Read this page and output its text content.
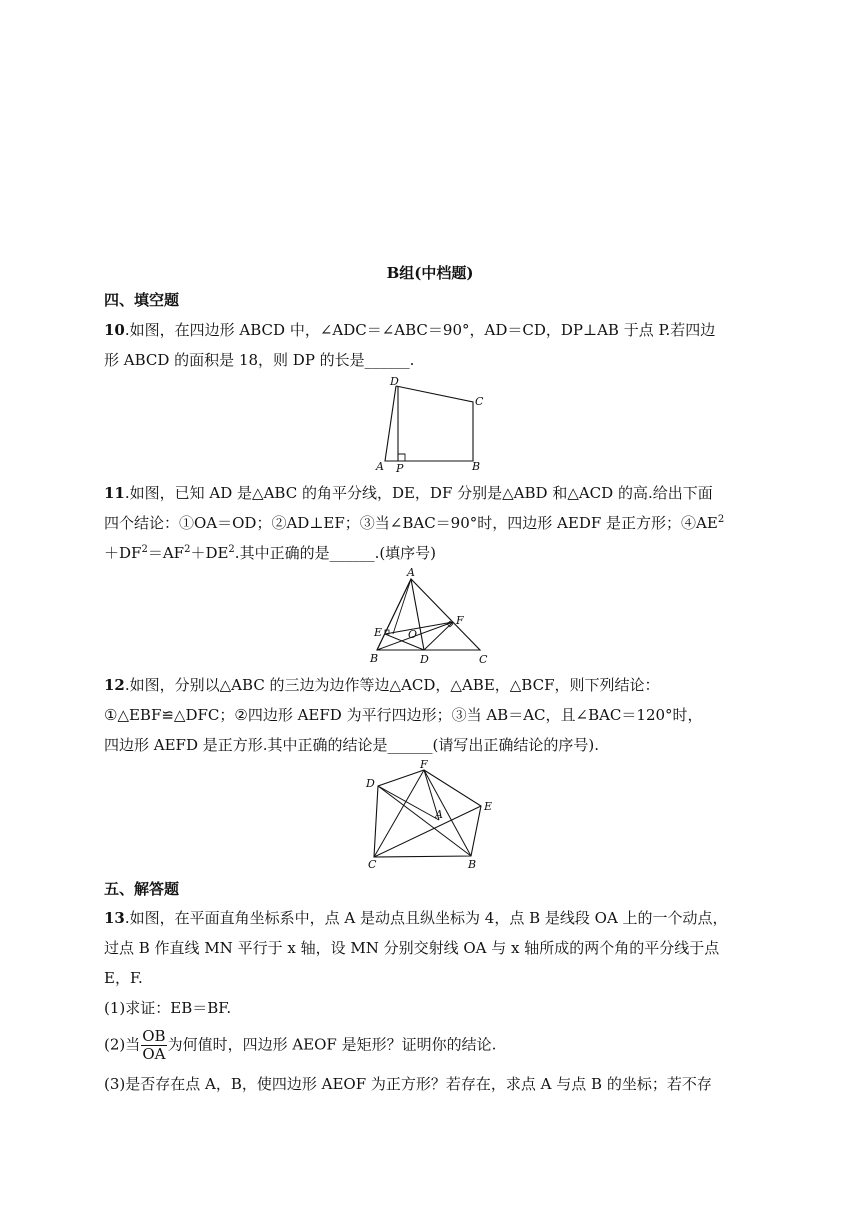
B组(中档题)
四、填空题
10.如图，在四边形 ABCD 中，∠ADC＝∠ABC＝90°，AD＝CD，DP⊥AB 于点 P.若四边
形 ABCD 的面积是 18，则 DP 的长是______.
D
C
A P	B
11.如图，已知 AD 是△ABC 的角平分线，DE，DF 分别是△ABD 和△ACD 的高.给出下面
四个结论：①OA＝OD；②AD⊥EF；③当∠BAC＝90°时，四边形 AEDF 是正方形；$④AE^2$
$+DF^2=AF^2+DE^2$.其中正确的是______.(填序号)
A
F
E O
B	D	C
12.如图，分别以△ABC 的三边为边作等边△ACD，△ABE，△BCF，则下列结论：
①△EBF≌△DFC；②四边形 AEFD 为平行四边形；③当 AB＝AC，且∠BAC＝120°时，
四边形 AEFD 是正方形.其中正确的结论是______(请写出正确结论的序号).
F
D
E
A
C	B
五、解答题
13.如图，在平面直角坐标系中，点 A 是动点且纵坐标为 4，点 B 是线段 OA 上的一个动点，
过点 B 作直线 MN 平行于 x 轴，设 MN 分别交射线 OA 与 x 轴所成的两个角的平分线于点
E，F.
(1)求证：EB＝BF.
(2)当 $\frac{OB}{OA}$ 为何值时，四边形 AEOF 是矩形？证明你的结论.
(3)是否存在点 A，B，使四边形 AEOF 为正方形？若存在，求点 A 与点 B 的坐标；若不存
